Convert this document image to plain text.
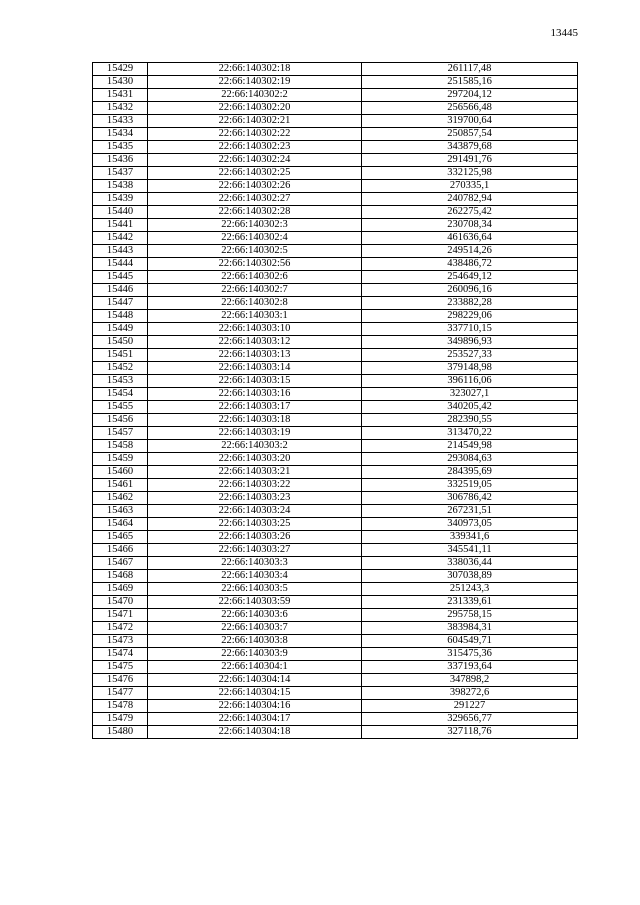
13445
15429	22:66:140302:18	261117,48
15430	22:66:140302:19	251585,16
15431	22:66:140302:2	297204,12
15432	22:66:140302:20	256566,48
15433	22:66:140302:21	319700,64
15434	22:66:140302:22	250857,54
15435	22:66:140302:23	343879,68
15436	22:66:140302:24	291491,76
15437	22:66:140302:25	332125,98
15438	22:66:140302:26	270335,1
15439	22:66:140302:27	240782,94
15440	22:66:140302:28	262275,42
15441	22:66:140302:3	230708,34
15442	22:66:140302:4	461636,64
15443	22:66:140302:5	249514,26
15444	22:66:140302:56	438486,72
15445	22:66:140302:6	254649,12
15446	22:66:140302:7	260096,16
15447	22:66:140302:8	233882,28
15448	22:66:140303:1	298229,06
15449	22:66:140303:10	337710,15
15450	22:66:140303:12	349896,93
15451	22:66:140303:13	253527,33
15452	22:66:140303:14	379148,98
15453	22:66:140303:15	396116,06
15454	22:66:140303:16	323027,1
15455	22:66:140303:17	340205,42
15456	22:66:140303:18	282390,55
15457	22:66:140303:19	313470,22
15458	22:66:140303:2	214549,98
15459	22:66:140303:20	293084,63
15460	22:66:140303:21	284395,69
15461	22:66:140303:22	332519,05
15462	22:66:140303:23	306786,42
15463	22:66:140303:24	267231,51
15464	22:66:140303:25	340973,05
15465	22:66:140303:26	339341,6
15466	22:66:140303:27	345541,11
15467	22:66:140303:3	338036,44
15468	22:66:140303:4	307038,89
15469	22:66:140303:5	251243,3
15470	22:66:140303:59	231339,61
15471	22:66:140303:6	295758,15
15472	22:66:140303:7	383984,31
15473	22:66:140303:8	604549,71
15474	22:66:140303:9	315475,36
15475	22:66:140304:1	337193,64
15476	22:66:140304:14	347898,2
15477	22:66:140304:15	398272,6
15478	22:66:140304:16	291227
15479	22:66:140304:17	329656,77
15480	22:66:140304:18	327118,76
